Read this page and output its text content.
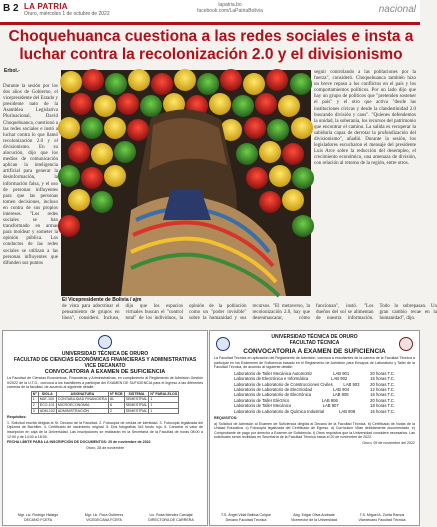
B 2 LA PATRIA
Oruro, miércoles 1 de octubre de 2022
lapatria.bo
facebook.com/LaPatriaBolivia	nacional
Choquehuanca cuestiona a las redes sociales e insta a luchar contra la recolonización 2.0 y el divisionismo
Erbol.-
Durante la sesión por los dos años de Gobierno, el vicepresidente del Estado y presidente nato de la Asamblea Legislativa Plurinacional, David Choquehuanca, cuestionó a las redes sociales e instó a luchar contra lo que llamó recolonización 2.0 y el divisionismo. En su alocución, dijo que los medios de comunicación aplican la inteligencia artificial para generar la desinformación, la información falsa, y el uso de personas influyentes para que las personas tomen decisiones, incluso en contra de sus propios intereses. "Los redes sociales se han transformado en armas para moldear y someter la opinión pública. Los conductos de las redes sociales se utilizan a las personas influyentes que difunden sus puntos
El Vicepresidente de Bolivia / ajm
de vista para adoctrinar el pensamiento de grupos en línea", consideró. Incluso, dijo que los espacios virtuales buscan el "control total" de los individuos, la opinión de la población como un "poder invisible" sobre la humanidad y sus recursos. "El metaverso, la recolonización 2.0, hay que desenmascarar, cómo funcionan", instó. "Los dueños del sol se alimentan de nuestra información. Todo lo sobrepasan. Un gran cambio recae en la humanidad", dijo.
seguir controlando a las poblaciones por la fuerza", consideró. Choquehuanca también hizo un breve repaso a los conflictos en el país y los comportamientos políticos. Por un lado dijo que hay un grupo de políticos que "pretenden sostener el país" y el otro que activa "desde las instituciones cívicas y desde la clandestinidad 2.0 buscando división y caos". "Quienes defendemos la unidad, la soberanía, los recursos del patrimonio que encontrar el camino. La salida es recuperar la sabiduría capaz de derrotar la profundización del divisionismo", añadió. Durante la sesión, los legisladores escucharon el mensaje del presidente Luis Arce sobre la reducción del desempleo, el crecimiento económico, una amenaza de división, con relación al retorno de la región, entre otros.
UNIVERSIDAD TÉCNICA DE ORURO
FACULTAD DE CIENCIAS ECONÓMICAS FINANCIERAS Y ADMINISTRATIVAS
VICE DECANATO
CONVOCATORIA A EXAMEN DE SUFICIENCIA
La Facultad de Ciencias Económicas, Financieras y Administrativas, en cumplimiento al Reglamento de Admisión Gestión II/2022 de la U.T.O., convoca a los bachilleres a participar del EXAMEN DE SUFICIENCIA para el ingreso a las diferentes carreras de la facultad, de acuerdo al siguiente detalle:
Nº	SIGLA	ASIGNATURA	Nº RCB	SISTEMA	Nº PARALELOS
1	MAT-100	CONTABILIDAD FINANCIERA	81	SEMESTRAL	1
2	ECO-101	MICROECONOMÍA	6	SEMESTRAL	1
3	ADM-102	ADMINISTRACIÓN	2	SEMESTRAL	1
Requisitos:
1. Solicitud escrita dirigida al Sr. Decano de la Facultad. 2. Fotocopia de cédula de identidad. 3. Fotocopia legalizada del Diploma de Bachiller. 4. Certificado de nacimiento original. 5. Dos fotografías 3x3 fondo rojo. 6. Cancelar el valor de inscripción en caja de la Universidad. Las inscripciones se realizarán en la Secretaría de la Facultad de horas 08:00 a 12:00 y de 14:00 a 18:00.
FECHA LÍMITE PARA LA INSCRIPCIÓN DE DOCUMENTOS: 20 de noviembre de 2022
Oruro, 28 de noviembre
Mgr. Lic. Rodrigo Hidalgo
DECANO FCEFA
Mgr. Lic. Flora Gutiérrez
VICEDECANA FCEFA
Lic. Rosa Mendez Carvajal
DIRECTORA DE CARRERA
UNIVERSIDAD TÉCNICA DE ORURO
FACULTAD TÉCNICA
CONVOCATORIA A EXAMEN DE SUFICIENCIA
La Facultad Técnica en aplicación del Reglamento de Admisión, convoca a estudiantes de la carrera de la Facultad Técnica a participar en los Exámenes de Suficiencia basado en el Reglamento de Admisión para Ensayos de Laboratorio y Taller de la Facultad Técnica, de acuerdo al siguiente detalle:
Laboratorio de Taller Mecánica Automotriz	LAB 901	20 horas T.C.
Laboratorio de Electrónica e Informática	LAB 902	15 horas T.C.
Laboratorio de Laboratorio de Construcciones Civiles	LAB 903	20 horas T.C.
Laboratorio de Laboratorio de Electricidad	LAB 904	12 horas T.C.
Laboratorio de Laboratorio de Electrónica	LAB 905	16 horas T.C.
Laboratorio de Taller Eléctrico	LAB 906	20 horas T.C.
Laboratorio de Taller Mecánico	LAB 907	18 horas T.C.
Laboratorio de Laboratorio de Química Industrial	LAB 908	16 horas T.C.
REQUISITOS:
a) Solicitud de Admisión al Examen de Suficiencia dirigida al Decano de la Facultad Técnica. b) Certificado de Notas de la Unidad Educativa. c) Fotocopia legalizada del Certificado de Egreso. d) Currículum Vitae debidamente documentado. e) Comprobante de pago por derecho a Examen de Suficiencia. f) Otros requisitos que la Universidad considere necesarios. Las solicitudes serán recibidas en Secretaría de la Facultad Técnica hasta el 20 de noviembre de 2022.
Oruro, 09 de noviembre del 2022
T.S. Ángel Vidal Balboa Colque
Decano Facultad Técnica
Abg. Edgar Oliva Andrade
Vicerrector de la Universidad
T.S. Miguel A. Zurita Ramos
Vicedecano Facultad Técnica
